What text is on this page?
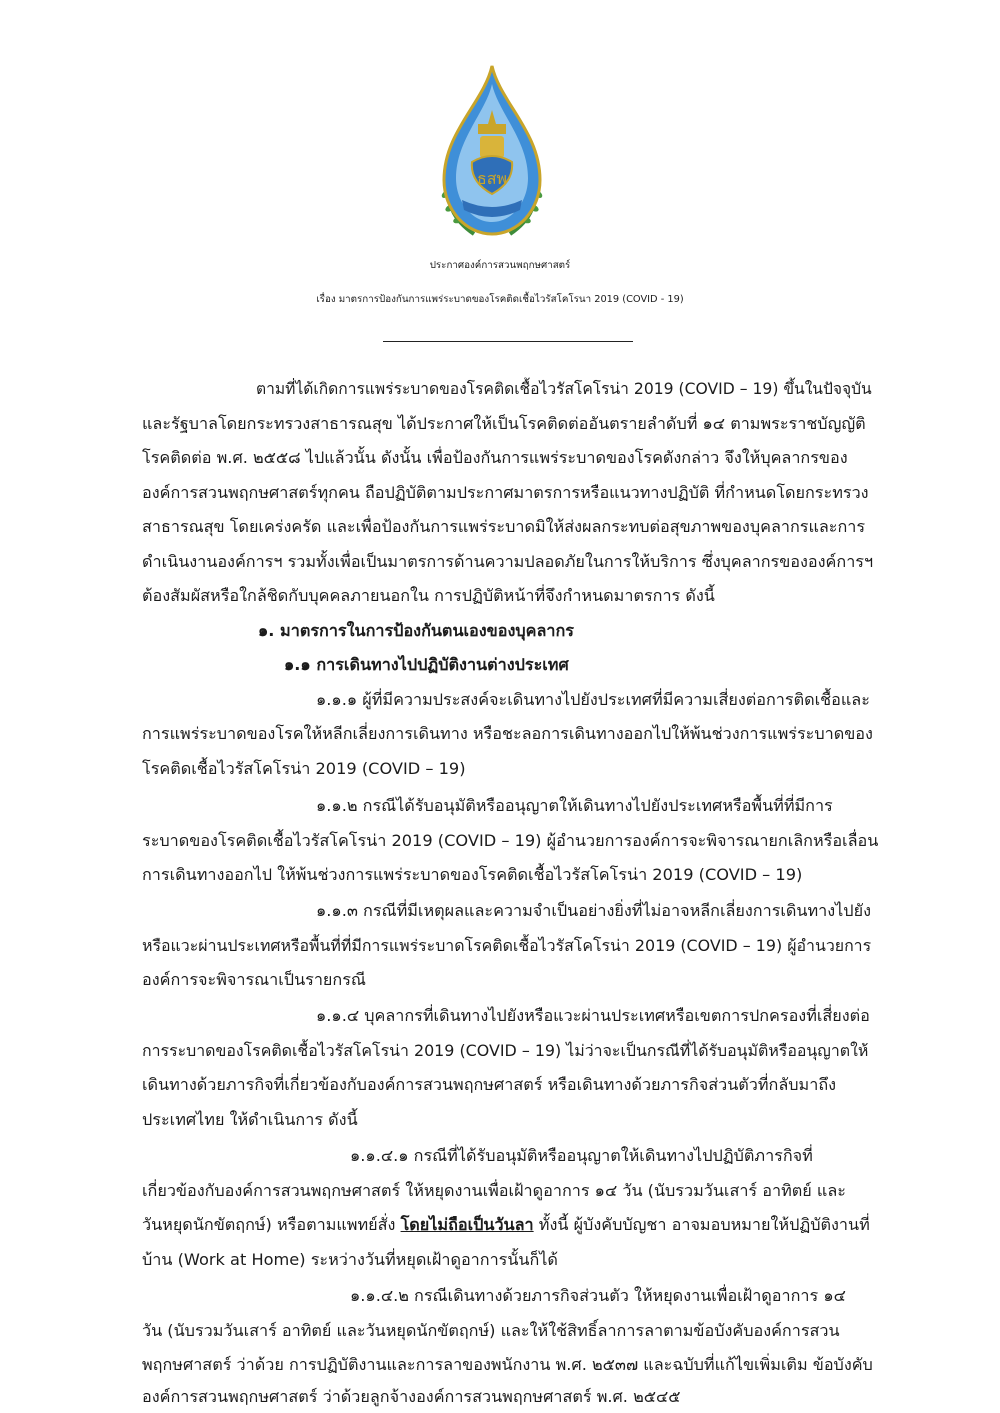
ธสพ
ประกาศองค์การสวนพฤกษศาสตร์
เรื่อง มาตรการป้องกันการแพร่ระบาดของโรคติดเชื้อไวรัสโคโรนา 2019 (COVID - 19)
ตามที่ได้เกิดการแพร่ระบาดของโรคติดเชื้อไวรัสโคโรน่า 2019 (COVID – 19) ขึ้นในปัจจุบัน
และรัฐบาลโดยกระทรวงสาธารณสุข ได้ประกาศให้เป็นโรคติดต่ออันตรายลำดับที่ ๑๔ ตามพระราชบัญญัติ
โรคติดต่อ พ.ศ. ๒๕๕๘ ไปแล้วนั้น ดังนั้น เพื่อป้องกันการแพร่ระบาดของโรคดังกล่าว จึงให้บุคลากรของ
องค์การสวนพฤกษศาสตร์ทุกคน ถือปฏิบัติตามประกาศมาตรการหรือแนวทางปฏิบัติ ที่กำหนดโดยกระทรวง
สาธารณสุข โดยเคร่งครัด และเพื่อป้องกันการแพร่ระบาดมิให้ส่งผลกระทบต่อสุขภาพของบุคลากรและการ
ดำเนินงานองค์การฯ รวมทั้งเพื่อเป็นมาตรการด้านความปลอดภัยในการให้บริการ ซึ่งบุคลากรขององค์การฯ
ต้องสัมผัสหรือใกล้ชิดกับบุคคลภายนอกใน การปฏิบัติหน้าที่จึงกำหนดมาตรการ ดังนี้
๑. มาตรการในการป้องกันตนเองของบุคลากร
๑.๑ การเดินทางไปปฏิบัติงานต่างประเทศ
๑.๑.๑ ผู้ที่มีความประสงค์จะเดินทางไปยังประเทศที่มีความเสี่ยงต่อการติดเชื้อและ
การแพร่ระบาดของโรคให้หลีกเลี่ยงการเดินทาง หรือชะลอการเดินทางออกไปให้พ้นช่วงการแพร่ระบาดของ
โรคติดเชื้อไวรัสโคโรน่า 2019 (COVID – 19)
๑.๑.๒ กรณีได้รับอนุมัติหรืออนุญาตให้เดินทางไปยังประเทศหรือพื้นที่ที่มีการ
ระบาดของโรคติดเชื้อไวรัสโคโรน่า 2019 (COVID – 19) ผู้อำนวยการองค์การจะพิจารณายกเลิกหรือเลื่อน
การเดินทางออกไป ให้พ้นช่วงการแพร่ระบาดของโรคติดเชื้อไวรัสโคโรน่า 2019 (COVID – 19)
๑.๑.๓ กรณีที่มีเหตุผลและความจำเป็นอย่างยิ่งที่ไม่อาจหลีกเลี่ยงการเดินทางไปยัง
หรือแวะผ่านประเทศหรือพื้นที่ที่มีการแพร่ระบาดโรคติดเชื้อไวรัสโคโรน่า 2019 (COVID – 19) ผู้อำนวยการ
องค์การจะพิจารณาเป็นรายกรณี
๑.๑.๔ บุคลากรที่เดินทางไปยังหรือแวะผ่านประเทศหรือเขตการปกครองที่เสี่ยงต่อ
การระบาดของโรคติดเชื้อไวรัสโคโรน่า 2019 (COVID – 19) ไม่ว่าจะเป็นกรณีที่ได้รับอนุมัติหรืออนุญาตให้
เดินทางด้วยภารกิจที่เกี่ยวข้องกับองค์การสวนพฤกษศาสตร์ หรือเดินทางด้วยภารกิจส่วนตัวที่กลับมาถึง
ประเทศไทย ให้ดำเนินการ ดังนี้
๑.๑.๔.๑ กรณีที่ได้รับอนุมัติหรืออนุญาตให้เดินทางไปปฏิบัติภารกิจที่
เกี่ยวข้องกับองค์การสวนพฤกษศาสตร์ ให้หยุดงานเพื่อเฝ้าดูอาการ ๑๔ วัน (นับรวมวันเสาร์ อาทิตย์ และ
วันหยุดนักขัตฤกษ์) หรือตามแพทย์สั่ง โดยไม่ถือเป็นวันลา ทั้งนี้ ผู้บังคับบัญชา อาจมอบหมายให้ปฏิบัติงานที่
บ้าน (Work at Home) ระหว่างวันที่หยุดเฝ้าดูอาการนั้นก็ได้
๑.๑.๔.๒ กรณีเดินทางด้วยภารกิจส่วนตัว ให้หยุดงานเพื่อเฝ้าดูอาการ ๑๔
วัน (นับรวมวันเสาร์ อาทิตย์ และวันหยุดนักขัตฤกษ์) และให้ใช้สิทธิ์ลาการลาตามข้อบังคับองค์การสวน
พฤกษศาสตร์ ว่าด้วย การปฏิบัติงานและการลาของพนักงาน พ.ศ. ๒๕๓๗ และฉบับที่แก้ไขเพิ่มเติม ข้อบังคับ
องค์การสวนพฤกษศาสตร์ ว่าด้วยลูกจ้างองค์การสวนพฤกษศาสตร์ พ.ศ. ๒๕๔๕
